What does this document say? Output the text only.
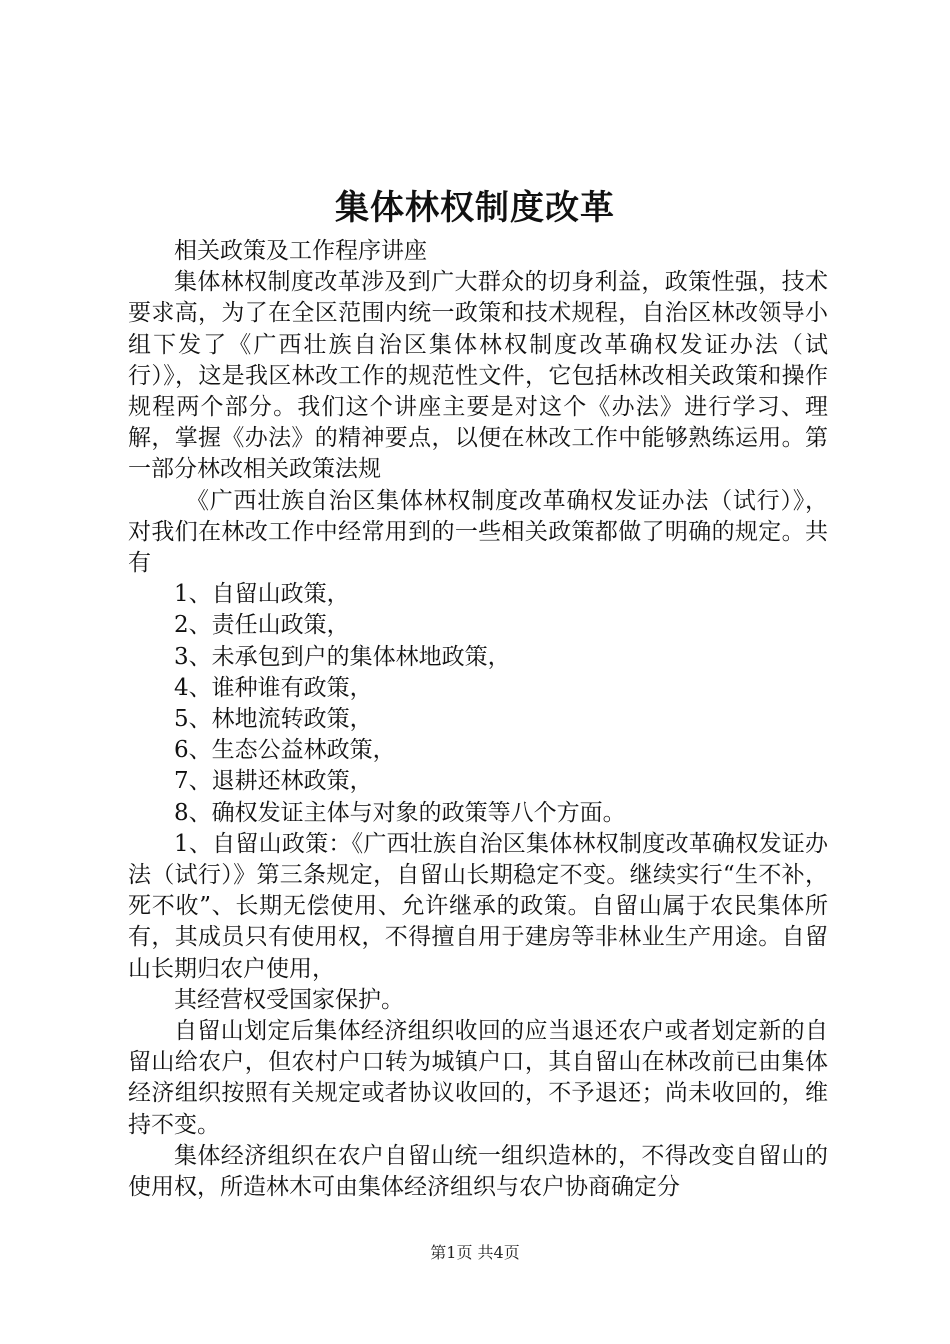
集体林权制度改革

相关政策及工作程序讲座

集体林权制度改革涉及到广大群众的切身利益，政策性强，技术要求高，为了在全区范围内统一政策和技术规程，自治区林改领导小组下发了《广西壮族自治区集体林权制度改革确权发证办法（试行）》，这是我区林改工作的规范性文件，它包括林改相关政策和操作规程两个部分。我们这个讲座主要是对这个《办法》进行学习、理解，掌握《办法》的精神要点，以便在林改工作中能够熟练运用。第一部分林改相关政策法规

《广西壮族自治区集体林权制度改革确权发证办法（试行）》，对我们在林改工作中经常用到的一些相关政策都做了明确的规定。共有

1、自留山政策，

2、责任山政策，

3、未承包到户的集体林地政策，

4、谁种谁有政策，

5、林地流转政策，

6、生态公益林政策，

7、退耕还林政策，

8、确权发证主体与对象的政策等八个方面。

1、自留山政策：《广西壮族自治区集体林权制度改革确权发证办法（试行）》第三条规定，自留山长期稳定不变。继续实行“生不补，死不收”、长期无偿使用、允许继承的政策。自留山属于农民集体所有，其成员只有使用权，不得擅自用于建房等非林业生产用途。自留山长期归农户使用，

其经营权受国家保护。

自留山划定后集体经济组织收回的应当退还农户或者划定新的自留山给农户，但农村户口转为城镇户口，其自留山在林改前已由集体经济组织按照有关规定或者协议收回的，不予退还；尚未收回的，维持不变。

集体经济组织在农户自留山统一组织造林的，不得改变自留山的使用权，所造林木可由集体经济组织与农户协商确定分

第1页 共4页
